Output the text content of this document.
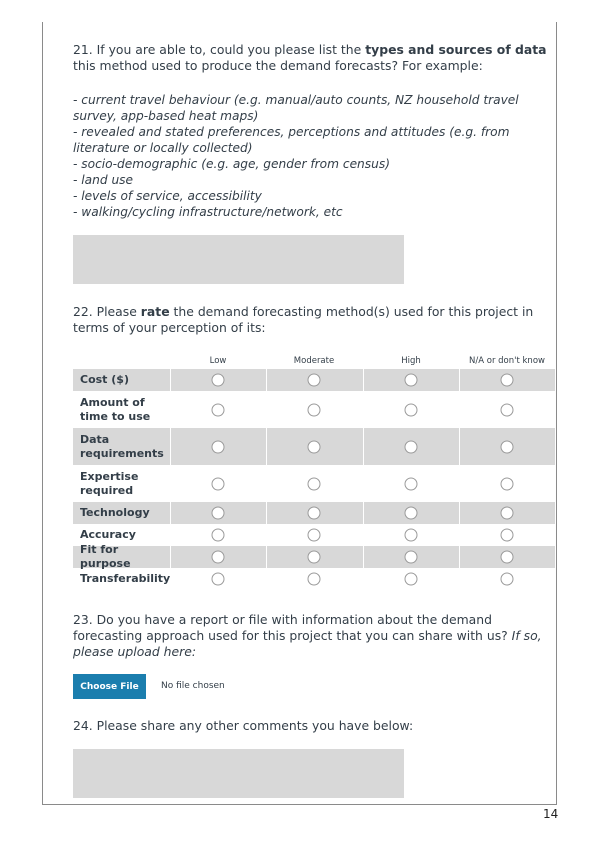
21. If you are able to, could you please list the types and sources of data this method used to produce the demand forecasts? For example:

- current travel behaviour (e.g. manual/auto counts, NZ household travel
survey, app-based heat maps)
- revealed and stated preferences, perceptions and attitudes (e.g. from
literature or locally collected)
- socio-demographic (e.g. age, gender from census)
- land use
- levels of service, accessibility
- walking/cycling infrastructure/network, etc

22. Please rate the demand forecasting method(s) used for this project in terms of your perception of its:

Low	Moderate	High	N/A or don't know
Cost ($)
Amount of time to use
Data requirements
Expertise required
Technology
Accuracy
Fit for purpose
Transferability

23. Do you have a report or file with information about the demand forecasting approach used for this project that you can share with us? If so, please upload here:

Choose File	No file chosen

24. Please share any other comments you have below:

14
